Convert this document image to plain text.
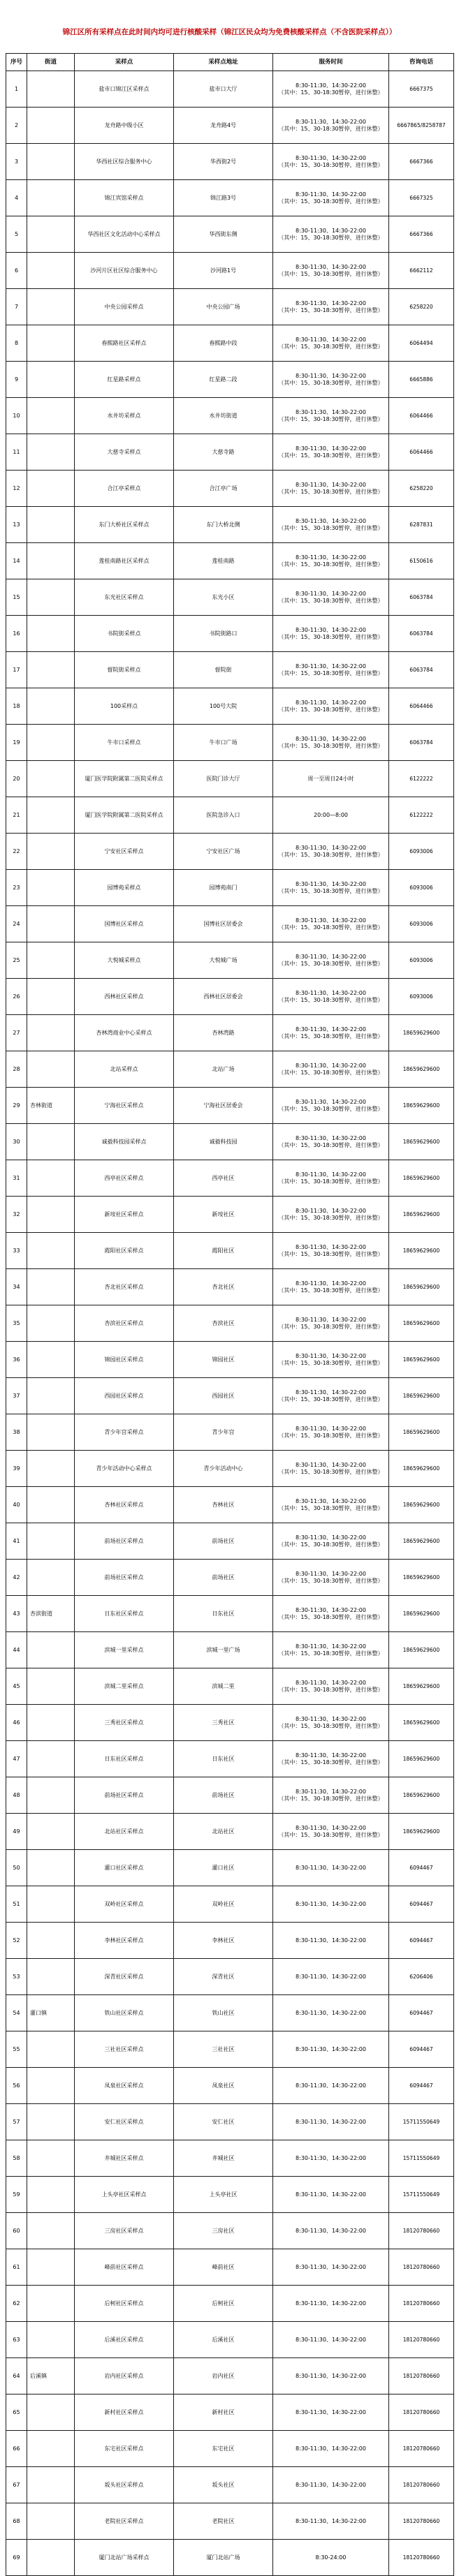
锦江区所有采样点在此时间内均可进行核酸采样（锦江区民众均为免费核酸采样点（不含医院采样点））
序号	街道	采样点	采样点地址	服务时间	咨询电话
1		盐市口锦江区采样点	盐市口大厅	8:30-11:30、14:30-22:00
（其中：15、30-18:30暂停，进行休整）	6667375
2		龙舟路中级小区	龙舟路4号	8:30-11:30、14:30-22:00
（其中：15、30-18:30暂停，进行休整）	6667865/8258787
3		华西社区综合服务中心	华西街2号	8:30-11:30、14:30-22:00
（其中：15、30-18:30暂停，进行休整）	6667366
4		锦江宾馆采样点	锦江路3号	8:30-11:30、14:30-22:00
（其中：15、30-18:30暂停，进行休整）	6667325
5		华西社区文化活动中心采样点	华西街东侧	8:30-11:30、14:30-22:00
（其中：15、30-18:30暂停，进行休整）	6667366
6		沙河片区社区综合服务中心	沙河路1号	8:30-11:30、14:30-22:00
（其中：15、30-18:30暂停，进行休整）	6662112
7		中央公园采样点	中央公园广场	8:30-11:30、14:30-22:00
（其中：15、30-18:30暂停，进行休整）	6258220
8		春熙路社区采样点	春熙路中段	8:30-11:30、14:30-22:00
（其中：15、30-18:30暂停，进行休整）	6064494
9		红星路采样点	红星路二段	8:30-11:30、14:30-22:00
（其中：15、30-18:30暂停，进行休整）	6665886
10		水井坊采样点	水井坊街道	8:30-11:30、14:30-22:00
（其中：15、30-18:30暂停，进行休整）	6064466
11		大慈寺采样点	大慈寺路	8:30-11:30、14:30-22:00
（其中：15、30-18:30暂停，进行休整）	6064466
12		合江亭采样点	合江亭广场	8:30-11:30、14:30-22:00
（其中：15、30-18:30暂停，进行休整）	6258220
13		东门大桥社区采样点	东门大桥北侧	8:30-11:30、14:30-22:00
（其中：15、30-18:30暂停，进行休整）	6287831
14		莲桂南路社区采样点	莲桂南路	8:30-11:30、14:30-22:00
（其中：15、30-18:30暂停，进行休整）	6150616
15		东光社区采样点	东光小区	8:30-11:30、14:30-22:00
（其中：15、30-18:30暂停，进行休整）	6063784
16		书院街采样点	书院街路口	8:30-11:30、14:30-22:00
（其中：15、30-18:30暂停，进行休整）	6063784
17		督院街采样点	督院街	8:30-11:30、14:30-22:00
（其中：15、30-18:30暂停，进行休整）	6063784
18		100采样点	100号大院	8:30-11:30、14:30-22:00
（其中：15、30-18:30暂停，进行休整）	6064466
19		牛市口采样点	牛市口广场	8:30-11:30、14:30-22:00
（其中：15、30-18:30暂停，进行休整）	6063784
20		厦门医学院附属第二医院采样点	医院门诊大厅	周一至周日24小时	6122222
21		厦门医学院附属第二医院采样点	医院急诊入口	20:00—8:00	6122222
22		宁安社区采样点	宁安社区广场	8:30-11:30、14:30-22:00
（其中：15、30-18:30暂停，进行休整）	6093006
23		园博苑采样点	园博苑南门	8:30-11:30、14:30-22:00
（其中：15、30-18:30暂停，进行休整）	6093006
24		国博社区采样点	国博社区居委会	8:30-11:30、14:30-22:00
（其中：15、30-18:30暂停，进行休整）	6093006
25		大悦城采样点	大悦城广场	8:30-11:30、14:30-22:00
（其中：15、30-18:30暂停，进行休整）	6093006
26		西林社区采样点	西林社区居委会	8:30-11:30、14:30-22:00
（其中：15、30-18:30暂停，进行休整）	6093006
27		杏林湾商业中心采样点	杏林湾路	8:30-11:30、14:30-22:00
（其中：15、30-18:30暂停，进行休整）	18659629600
28		北站采样点	北站广场	8:30-11:30、14:30-22:00
（其中：15、30-18:30暂停，进行休整）	18659629600
29	杏林街道	宁海社区采样点	宁海社区居委会	8:30-11:30、14:30-22:00
（其中：15、30-18:30暂停，进行休整）	18659629600
30		诚毅科技园采样点	诚毅科技园	8:30-11:30、14:30-22:00
（其中：15、30-18:30暂停，进行休整）	18659629600
31		西亭社区采样点	西亭社区	8:30-11:30、14:30-22:00
（其中：15、30-18:30暂停，进行休整）	18659629600
32		新垵社区采样点	新垵社区	8:30-11:30、14:30-22:00
（其中：15、30-18:30暂停，进行休整）	18659629600
33		霞阳社区采样点	霞阳社区	8:30-11:30、14:30-22:00
（其中：15、30-18:30暂停，进行休整）	18659629600
34		杏北社区采样点	杏北社区	8:30-11:30、14:30-22:00
（其中：15、30-18:30暂停，进行休整）	18659629600
35		杏滨社区采样点	杏滨社区	8:30-11:30、14:30-22:00
（其中：15、30-18:30暂停，进行休整）	18659629600
36		锦园社区采样点	锦园社区	8:30-11:30、14:30-22:00
（其中：15、30-18:30暂停，进行休整）	18659629600
37		西园社区采样点	西园社区	8:30-11:30、14:30-22:00
（其中：15、30-18:30暂停，进行休整）	18659629600
38		青少年宫采样点	青少年宫	8:30-11:30、14:30-22:00
（其中：15、30-18:30暂停，进行休整）	18659629600
39		青少年活动中心采样点	青少年活动中心	8:30-11:30、14:30-22:00
（其中：15、30-18:30暂停，进行休整）	18659629600
40		杏林社区采样点	杏林社区	8:30-11:30、14:30-22:00
（其中：15、30-18:30暂停，进行休整）	18659629600
41		前场社区采样点	前场社区	8:30-11:30、14:30-22:00
（其中：15、30-18:30暂停，进行休整）	18659629600
42		前场社区采样点	前场社区	8:30-11:30、14:30-22:00
（其中：15、30-18:30暂停，进行休整）	18659629600
43	杏滨街道	日东社区采样点	日东社区	8:30-11:30、14:30-22:00
（其中：15、30-18:30暂停，进行休整）	18659629600
44		滨城一里采样点	滨城一里广场	8:30-11:30、14:30-22:00
（其中：15、30-18:30暂停，进行休整）	18659629600
45		滨城二里采样点	滨城二里	8:30-11:30、14:30-22:00
（其中：15、30-18:30暂停，进行休整）	18659629600
46		三秀社区采样点	三秀社区	8:30-11:30、14:30-22:00
（其中：15、30-18:30暂停，进行休整）	18659629600
47		日东社区采样点	日东社区	8:30-11:30、14:30-22:00
（其中：15、30-18:30暂停，进行休整）	18659629600
48		前场社区采样点	前场社区	8:30-11:30、14:30-22:00
（其中：15、30-18:30暂停，进行休整）	18659629600
49		北站社区采样点	北站社区	8:30-11:30、14:30-22:00
（其中：15、30-18:30暂停，进行休整）	18659629600
50		灌口社区采样点	灌口社区	8:30-11:30、14:30-22:00	6094467
51		双岭社区采样点	双岭社区	8:30-11:30、14:30-22:00	6094467
52		李林社区采样点	李林社区	8:30-11:30、14:30-22:00	6094467
53		深青社区采样点	深青社区	8:30-11:30、14:30-22:00	6206406
54	灌口镇	铁山社区采样点	铁山社区	8:30-11:30、14:30-22:00	6094467
55		三社社区采样点	三社社区	8:30-11:30、14:30-22:00	6094467
56		凤泉社区采样点	凤泉社区	8:30-11:30、14:30-22:00	6094467
57		安仁社区采样点	安仁社区	8:30-11:30、14:30-22:00	15711550649
58		井城社区采样点	井城社区	8:30-11:30、14:30-22:00	15711550649
59		上头亭社区采样点	上头亭社区	8:30-11:30、14:30-22:00	15711550649
60		三房社区采样点	三房社区	8:30-11:30、14:30-22:00	18120780660
61		峰前社区采样点	峰前社区	8:30-11:30、14:30-22:00	18120780660
62		后柯社区采样点	后柯社区	8:30-11:30、14:30-22:00	18120780660
63		后溪社区采样点	后溪社区	8:30-11:30、14:30-22:00	18120780660
64	后溪镇	岩内社区采样点	岩内社区	8:30-11:30、14:30-22:00	18120780660
65		新村社区采样点	新村社区	8:30-11:30、14:30-22:00	18120780660
66		东宅社区采样点	东宅社区	8:30-11:30、14:30-22:00	18120780660
67		坂头社区采样点	坂头社区	8:30-11:30、14:30-22:00	18120780660
68		老院社区采样点	老院社区	8:30-11:30、14:30-22:00	18120780660
69		厦门北站广场采样点	厦门北站广场	8:30-24:00	18120780660
